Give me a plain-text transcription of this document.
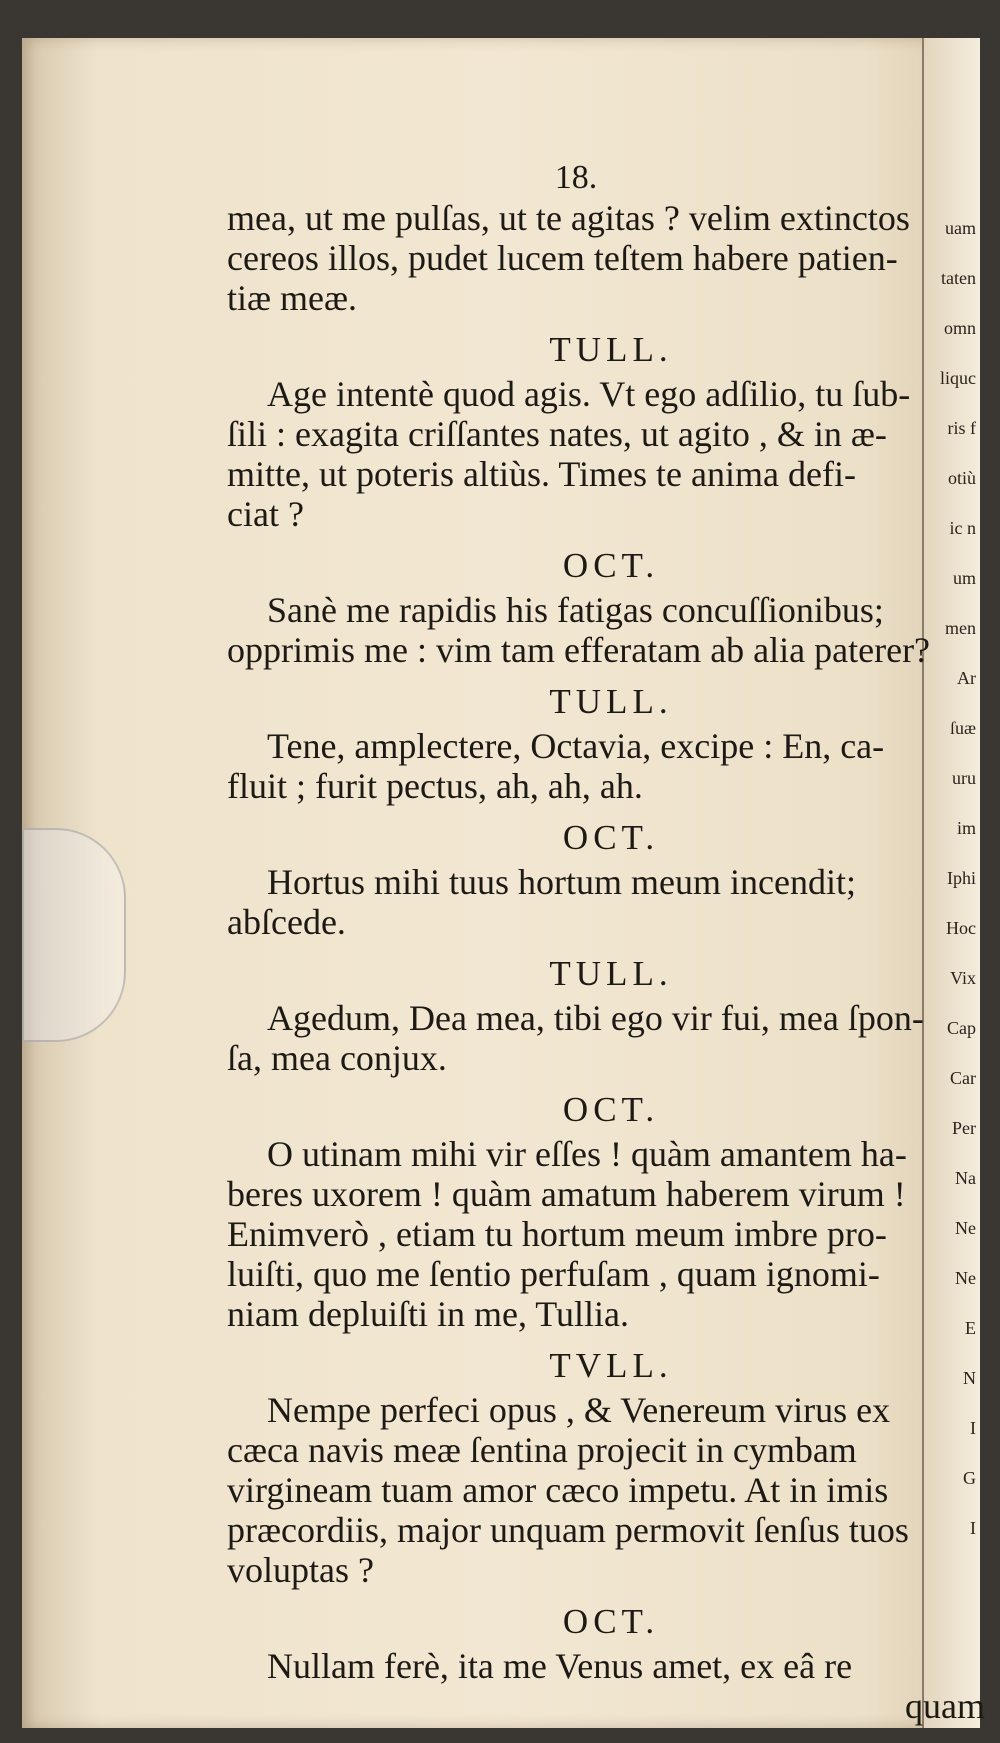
uam
taten
omn
liquc
ris f
otiù
ic n
um
men
Ar
ſuæ
uru
im
Iphi
Hoc
Vix
Cap
Car
Per
Na
Ne
Ne
E
N
I
G
I
18.
mea, ut me pulſas, ut te agitas ? velim extinctos
cereos illos, pudet lucem teſtem habere patien-
tiæ meæ.
TULL.
Age intentè quod agis. Vt ego adſilio, tu ſub-
ſili : exagita criſſantes nates, ut agito , & in æ-
mitte, ut poteris altiùs. Times te anima defi-
ciat ?
OCT.
Sanè me rapidis his fatigas concuſſionibus;
opprimis me : vim tam efferatam ab alia paterer?
TULL.
Tene, amplectere, Octavia, excipe : En, ca-
fluit ; furit pectus, ah, ah, ah.
OCT.
Hortus mihi tuus hortum meum incendit;
abſcede.
TULL.
Agedum, Dea mea, tibi ego vir fui, mea ſpon-
ſa, mea conjux.
OCT.
O utinam mihi vir eſſes ! quàm amantem ha-
beres uxorem ! quàm amatum haberem virum !
Enimverò , etiam tu hortum meum imbre pro-
luiſti, quo me ſentio perfuſam , quam ignomi-
niam depluiſti in me, Tullia.
TVLL.
Nempe perfeci opus , & Venereum virus ex
cæca navis meæ ſentina projecit in cymbam
virgineam tuam amor cæco impetu. At in imis
præcordiis, major unquam permovit ſenſus tuos
voluptas ?
OCT.
Nullam ferè, ita me Venus amet, ex eâ re
quam
